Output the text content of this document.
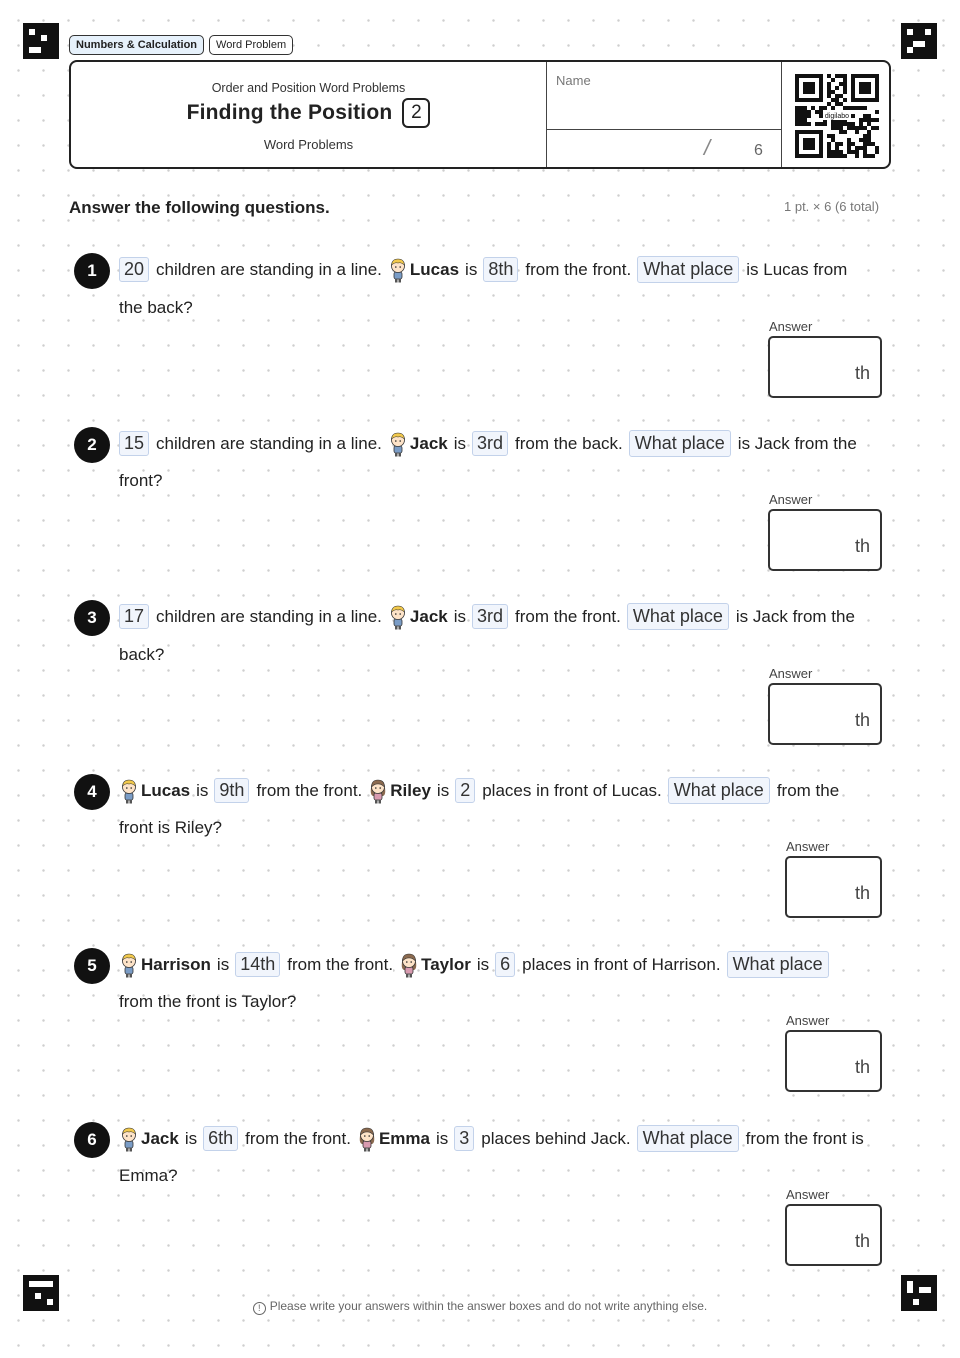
Numbers & Calculation	Word Problem
Order and Position Word Problems
Finding the Position 2
Word Problems
Name
/	6
digilabo
Answer the following questions.	1 pt. × 6 (6 total)
1	20 children are standing in a line. Lucas is 8th from the front. What place is Lucas from
the back?
Answer
th
2	15 children are standing in a line. Jack is 3rd from the back. What place is Jack from the
front?
Answer
th
3	17 children are standing in a line. Jack is 3rd from the front. What place is Jack from the
back?
Answer
th
4	Lucas is 9th from the front. Riley is 2 places in front of Lucas. What place from the
front is Riley?
Answer
th
5	Harrison is 14th from the front. Taylor is 6 places in front of Harrison. What place
from the front is Taylor?
Answer
th
6	Jack is 6th from the front. Emma is 3 places behind Jack. What place from the front is
Emma?
Answer
th
! Please write your answers within the answer boxes and do not write anything else.
